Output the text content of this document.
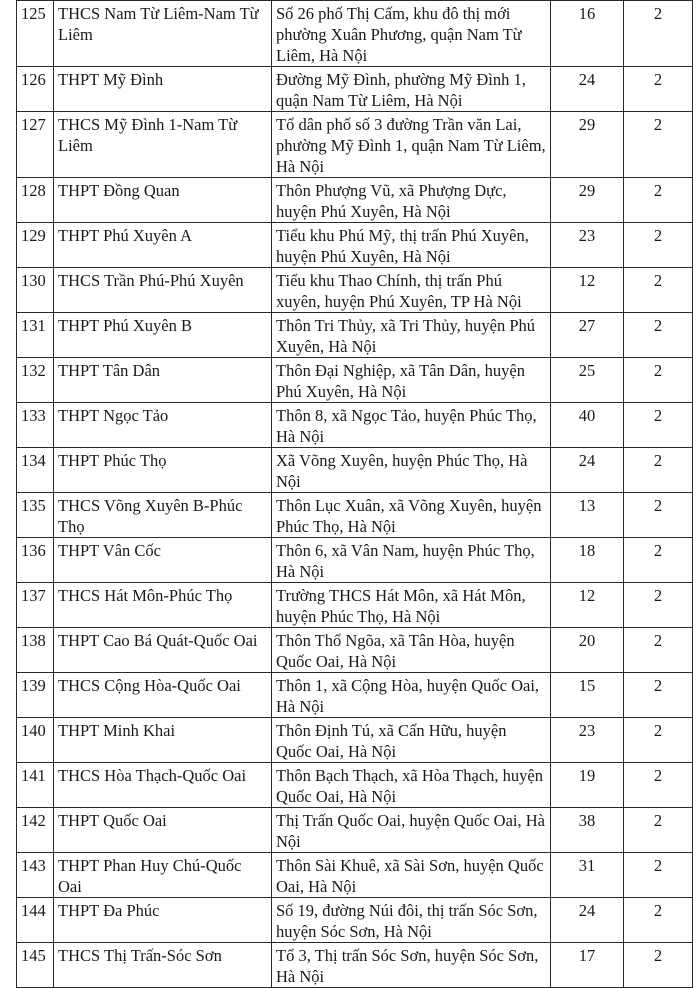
125	THCS Nam Từ Liêm-Nam Từ Liêm	Số 26 phố Thị Cấm, khu đô thị mới phường Xuân Phương, quận Nam Từ Liêm, Hà Nội	16	2
126	THPT Mỹ Đình	Đường Mỹ Đình, phường Mỹ Đình 1, quận Nam Từ Liêm, Hà Nội	24	2
127	THCS Mỹ Đình 1-Nam Từ Liêm	Tổ dân phố số 3 đường Trần văn Lai, phường Mỹ Đình 1, quận Nam Từ Liêm, Hà Nội	29	2
128	THPT Đồng Quan	Thôn Phượng Vũ, xã Phượng Dực, huyện Phú Xuyên, Hà Nội	29	2
129	THPT Phú Xuyên A	Tiểu khu Phú Mỹ, thị trấn Phú Xuyên, huyện Phú Xuyên, Hà Nội	23	2
130	THCS Trần Phú-Phú Xuyên	Tiểu khu Thao Chính, thị trấn Phú xuyên, huyện Phú Xuyên, TP Hà Nội	12	2
131	THPT Phú Xuyên B	Thôn Tri Thủy, xã Tri Thủy, huyện Phú Xuyên, Hà Nội	27	2
132	THPT Tân Dân	Thôn Đại Nghiệp, xã Tân Dân, huyện Phú Xuyên, Hà Nội	25	2
133	THPT Ngọc Tảo	Thôn 8, xã Ngọc Tảo, huyện Phúc Thọ, Hà Nội	40	2
134	THPT Phúc Thọ	Xã Võng Xuyên, huyện Phúc Thọ, Hà Nội	24	2
135	THCS Võng Xuyên B-Phúc Thọ	Thôn Lục Xuân, xã Võng Xuyên, huyện Phúc Thọ, Hà Nội	13	2
136	THPT Vân Cốc	Thôn 6, xã Vân Nam, huyện Phúc Thọ, Hà Nội	18	2
137	THCS Hát Môn-Phúc Thọ	Trường THCS Hát Môn, xã Hát Môn, huyện Phúc Thọ, Hà Nội	12	2
138	THPT Cao Bá Quát-Quốc Oai	Thôn Thổ Ngõa, xã Tân Hòa, huyện Quốc Oai, Hà Nội	20	2
139	THCS Cộng Hòa-Quốc Oai	Thôn 1, xã Cộng Hòa, huyện Quốc Oai, Hà Nội	15	2
140	THPT Minh Khai	Thôn Định Tú, xã Cấn Hữu, huyện Quốc Oai, Hà Nội	23	2
141	THCS Hòa Thạch-Quốc Oai	Thôn Bạch Thạch, xã Hòa Thạch, huyện Quốc Oai, Hà Nội	19	2
142	THPT Quốc Oai	Thị Trấn Quốc Oai, huyện Quốc Oai, Hà Nội	38	2
143	THPT Phan Huy Chú-Quốc Oai	Thôn Sài Khuê, xã Sài Sơn, huyện Quốc Oai, Hà Nội	31	2
144	THPT Đa Phúc	Số 19, đường Núi đôi, thị trấn Sóc Sơn, huyện Sóc Sơn, Hà Nội	24	2
145	THCS Thị Trấn-Sóc Sơn	Tổ 3, Thị trấn Sóc Sơn, huyện Sóc Sơn, Hà Nội	17	2
